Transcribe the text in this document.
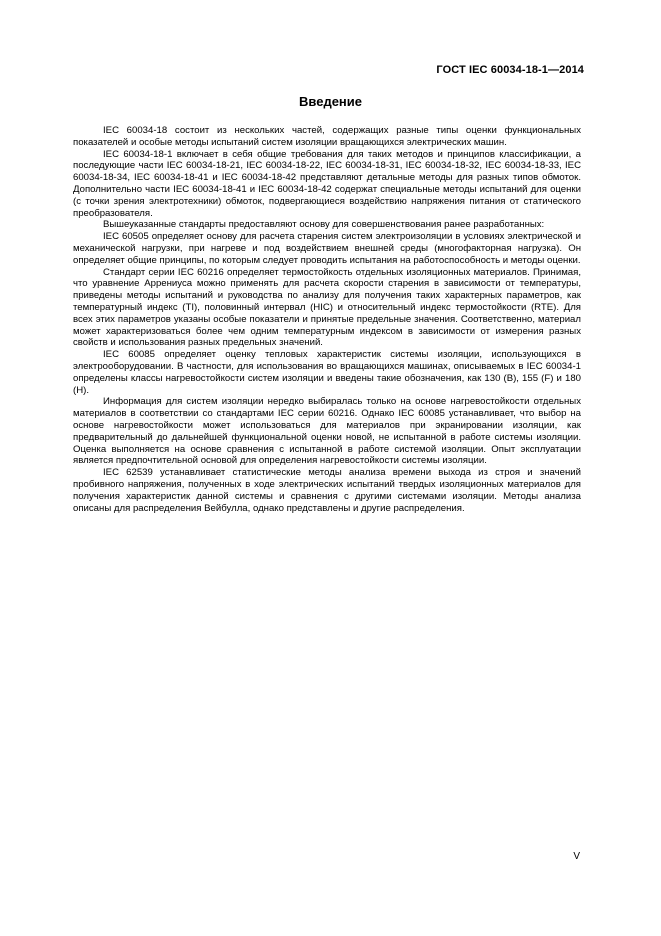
ГОСТ IEC 60034-18-1—2014
Введение

IEC 60034-18 состоит из нескольких частей, содержащих разные типы оценки функциональных показателей и особые методы испытаний систем изоляции вращающихся электрических машин.

IEC 60034-18-1 включает в себя общие требования для таких методов и принципов классификации, а последующие части IEC 60034-18-21, IEC 60034-18-22, IEC 60034-18-31, IEC 60034-18-32, IEC 60034-18-33, IEC 60034-18-34, IEC 60034-18-41 и IEC 60034-18-42 представляют детальные методы для разных типов обмоток. Дополнительно части IEC 60034-18-41 и IEC 60034-18-42 содержат специальные методы испытаний для оценки (с точки зрения электротехники) обмоток, подвергающиеся воздействию напряжения питания от статического преобразователя.

Вышеуказанные стандарты предоставляют основу для совершенствования ранее разработанных:

IEC 60505 определяет основу для расчета старения систем электроизоляции в условиях электрической и механической нагрузки, при нагреве и под воздействием внешней среды (многофакторная нагрузка). Он определяет общие принципы, по которым следует проводить испытания на работоспособность и методы оценки.

Стандарт серии IEC 60216 определяет термостойкость отдельных изоляционных материалов. Принимая, что уравнение Аррениуса можно применять для расчета скорости старения в зависимости от температуры, приведены методы испытаний и руководства по анализу для получения таких характерных параметров, как температурный индекс (TI), половинный интервал (HIC) и относительный индекс термостойкости (RTE). Для всех этих параметров указаны особые показатели и принятые предельные значения. Соответственно, материал может характеризоваться более чем одним температурным индексом в зависимости от измерения разных свойств и использования разных предельных значений.

IEC 60085 определяет оценку тепловых характеристик системы изоляции, использующихся в электрооборудовании. В частности, для использования во вращающихся машинах, описываемых в IEC 60034-1 определены классы нагревостойкости систем изоляции и введены такие обозначения, как 130 (B), 155 (F) и 180 (H).

Информация для систем изоляции нередко выбиралась только на основе нагревостойкости отдельных материалов в соответствии со стандартами IEC серии 60216. Однако IEC 60085 устанавливает, что выбор на основе нагревостойкости может использоваться для материалов при экранировании изоляции, как предварительный до дальнейшей функциональной оценки новой, не испытанной в работе системы изоляции. Оценка выполняется на основе сравнения с испытанной в работе системой изоляции. Опыт эксплуатации является предпочтительной основой для определения нагревостойкости системы изоляции.

IEC 62539 устанавливает статистические методы анализа времени выхода из строя и значений пробивного напряжения, полученных в ходе электрических испытаний твердых изоляционных материалов для получения характеристик данной системы и сравнения с другими системами изоляции. Методы анализа описаны для распределения Вейбулла, однако представлены и другие распределения.

V
